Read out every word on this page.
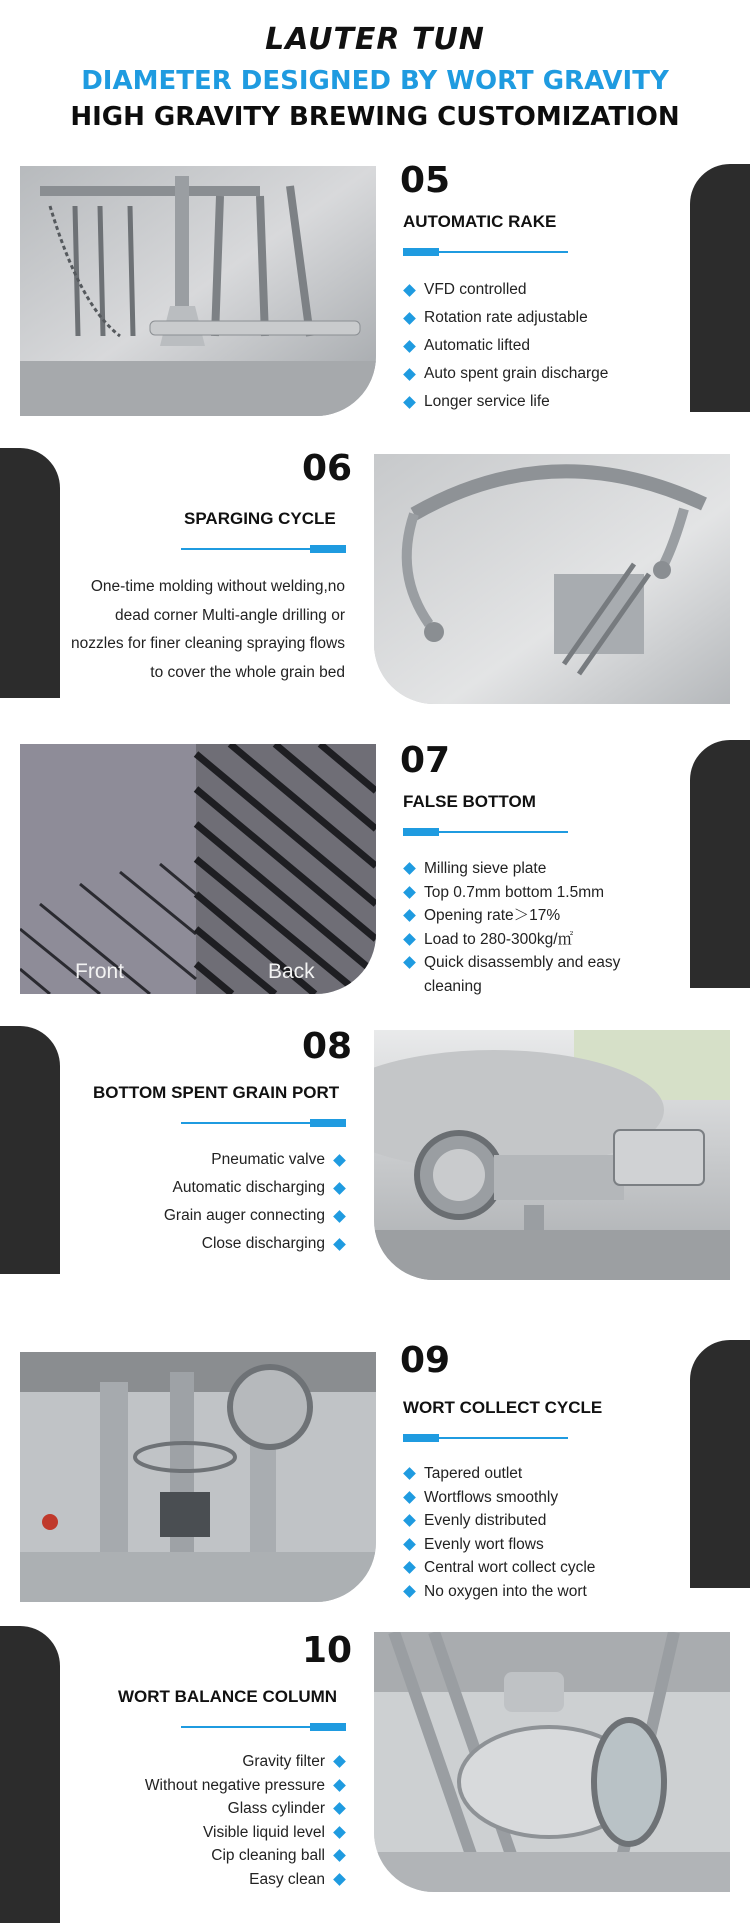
LAUTER TUN
DIAMETER DESIGNED BY WORT GRAVITY
HIGH GRAVITY BREWING CUSTOMIZATION
05
AUTOMATIC RAKE
VFD controlled
Rotation rate adjustable
Automatic lifted
Auto spent grain discharge
Longer service life
06
SPARGING CYCLE
One-time molding without welding,no dead corner Multi-angle drilling or nozzles for finer cleaning spraying flows to cover the whole grain bed
Front	Back
07
FALSE BOTTOM
Milling sieve plate
Top 0.7mm bottom 1.5mm
Opening rate＞17%
Load to 280-300kg/㎡
Quick disassembly and easy cleaning
08
BOTTOM SPENT GRAIN PORT
Pneumatic valve
Automatic discharging
Grain auger connecting
Close discharging
09
WORT COLLECT CYCLE
Tapered outlet
Wortflows smoothly
Evenly distributed
Evenly wort flows
Central wort collect cycle
No oxygen into the wort
10
WORT BALANCE COLUMN
Gravity filter
Without negative pressure
Glass cylinder
Visible liquid level
Cip cleaning ball
Easy clean
